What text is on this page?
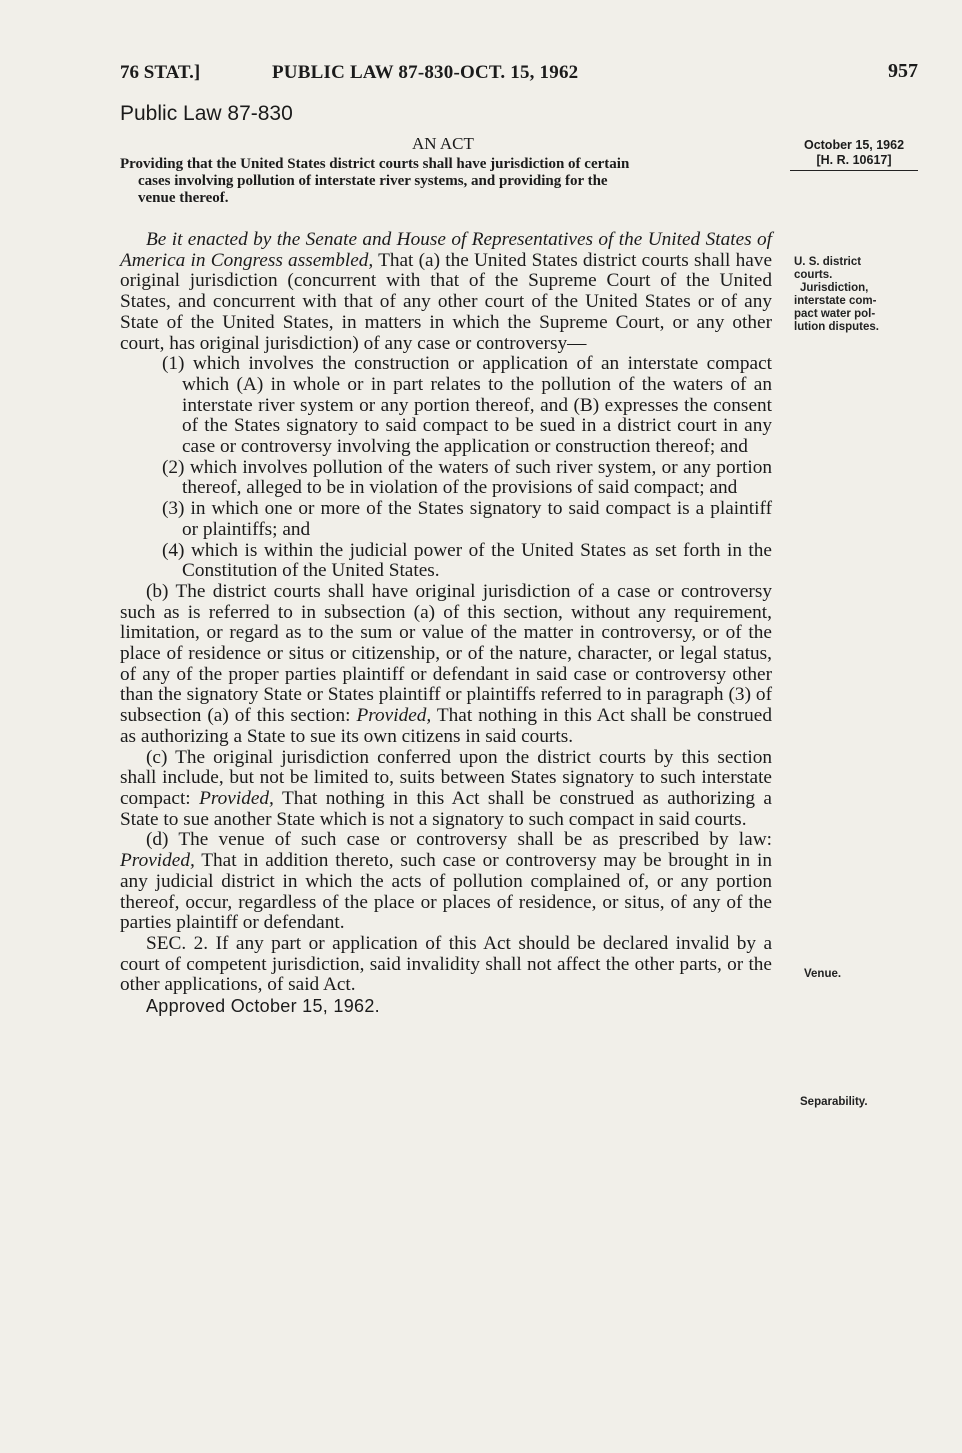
76 STAT.]	PUBLIC LAW 87-830-OCT. 15, 1962	957
Public Law 87-830
AN ACT
Providing that the United States district courts shall have jurisdiction of certain
cases involving pollution of interstate river systems, and providing for the
venue thereof.
October 15, 1962
[H. R. 10617]

Be it enacted by the Senate and House of Representatives of the United States of America in Congress assembled, That (a) the United States district courts shall have original jurisdiction (concurrent with that of the Supreme Court of the United States, and concurrent with that of any other court of the United States or of any State of the United States, in matters in which the Supreme Court, or any other court, has original jurisdiction) of any case or controversy—

(1) which involves the construction or application of an interstate compact which (A) in whole or in part relates to the pollution of the waters of an interstate river system or any portion thereof, and (B) expresses the consent of the States signatory to said compact to be sued in a district court in any case or controversy involving the application or construction thereof; and

(2) which involves pollution of the waters of such river system, or any portion thereof, alleged to be in violation of the provisions of said compact; and

(3) in which one or more of the States signatory to said compact is a plaintiff or plaintiffs; and

(4) which is within the judicial power of the United States as set forth in the Constitution of the United States.

(b) The district courts shall have original jurisdiction of a case or controversy such as is referred to in subsection (a) of this section, without any requirement, limitation, or regard as to the sum or value of the matter in controversy, or of the place of residence or situs or citizenship, or of the nature, character, or legal status, of any of the proper parties plaintiff or defendant in said case or controversy other than the signatory State or States plaintiff or plaintiffs referred to in paragraph (3) of subsection (a) of this section: Provided, That nothing in this Act shall be construed as authorizing a State to sue its own citizens in said courts.

(c) The original jurisdiction conferred upon the district courts by this section shall include, but not be limited to, suits between States signatory to such interstate compact: Provided, That nothing in this Act shall be construed as authorizing a State to sue another State which is not a signatory to such compact in said courts.

(d) The venue of such case or controversy shall be as prescribed by law: Provided, That in addition thereto, such case or controversy may be brought in in any judicial district in which the acts of pollution complained of, or any portion thereof, occur, regardless of the place or places of residence, or situs, of any of the parties plaintiff or defendant.

SEC. 2. If any part or application of this Act should be declared invalid by a court of competent jurisdiction, said invalidity shall not affect the other parts, or the other applications, of said Act.

Approved October 15, 1962.

U. S. district
courts.
Jurisdiction,
interstate com-
pact water pol-
lution disputes.
Venue.
Separability.
